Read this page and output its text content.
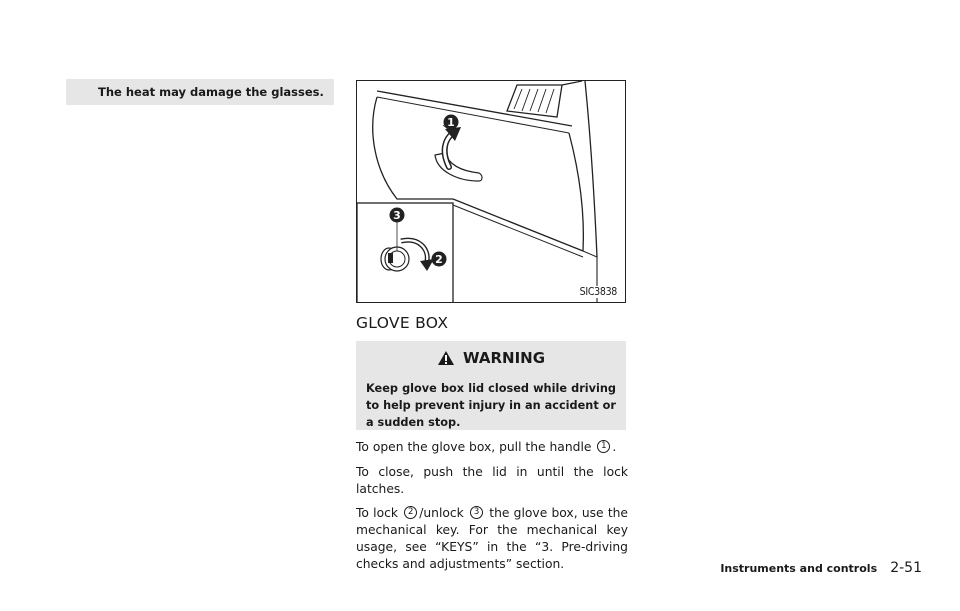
The heat may damage the glasses.
1
3
2
SIC3838
GLOVE BOX
WARNING
Keep glove box lid closed while driving to help prevent injury in an accident or a sudden stop.
To open the glove box, pull the handle 1 .
To close, push the lid in until the lock latches.
To lock 2 /unlock 3 the glove box, use the mechanical key. For the mechanical key usage, see “KEYS” in the “3. Pre-driving checks and adjustments” section.	Instruments and controls 2-51
